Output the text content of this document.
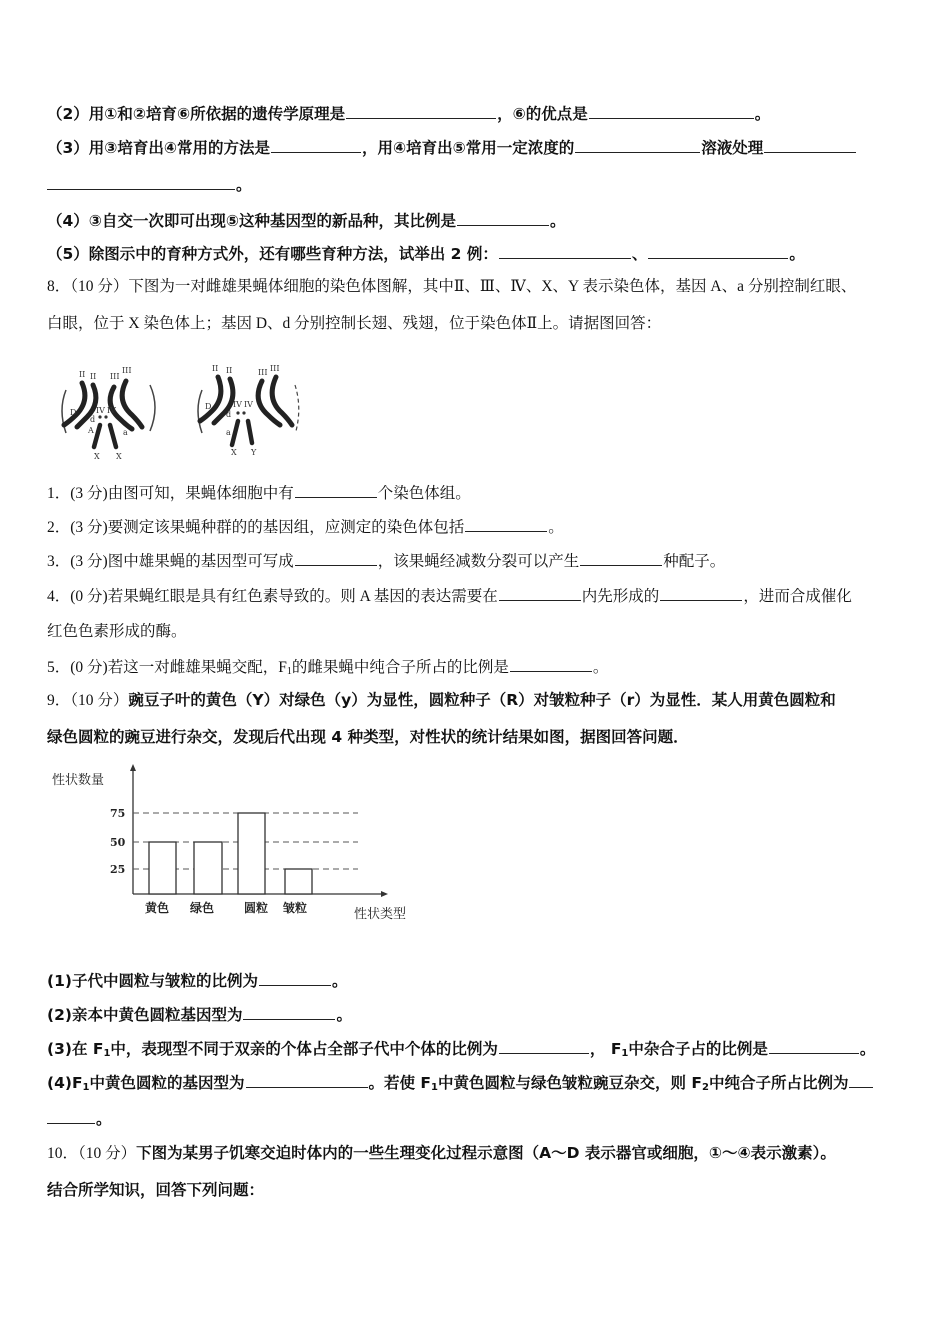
（2）用①和②培育⑥所依据的遗传学原理是	，⑥的优点是	。
（3）用③培育出④常用的方法是	，用④培育出⑤常用一定浓度的	溶液处理
。
（4）③自交一次即可出现⑤这种基因型的新品种，其比例是	。
（5）除图示中的育种方式外，还有哪些育种方法，试举出 2 例：	、	。
8．（10 分）下图为一对雌雄果蝇体细胞的染色体图解，其中Ⅱ、Ⅲ、Ⅳ、X、Y 表示染色体，基因 A、a 分别控制红眼、
白眼，位于 X 染色体上；基因 D、d 分别控制长翅、残翅，位于染色体Ⅱ上。请据图回答：
II II III
III
D
d
IV IV
A	a
X X
II II	III III
D
d
IV IV
a
X Y
1．(3 分)由图可知，果蝇体细胞中有	个染色体组。
2．(3 分)要测定该果蝇种群的的基因组，应测定的染色体包括	。
3．(3 分)图中雄果蝇的基因型可写成	，该果蝇经减数分裂可以产生	种配子。
4．(0 分)若果蝇红眼是具有红色素导致的。则 A 基因的表达需要在	内先形成的	，进而合成催化
红色色素形成的酶。
5．(0 分)若这一对雌雄果蝇交配，$F_1$的雌果蝇中纯合子所占的比例是	。
9．（10 分）豌豆子叶的黄色（Y）对绿色（y）为显性，圆粒种子（R）对皱粒种子（r）为显性．某人用黄色圆粒和
绿色圆粒的豌豆进行杂交，发现后代出现 4 种类型，对性状的统计结果如图，据图回答问题．
75
50
25
性状数量
黄色 绿色 圆粒 皱粒	性状类型
(1)子代中圆粒与皱粒的比例为	。
(2)亲本中黄色圆粒基因型为	。
(3)在 $F_1$中，表现型不同于双亲的个体占全部子代中个体的比例为	， $F_1$中杂合子占的比例是	。
$(4)F_1$中黄色圆粒的基因型为	。若使 $F_1$中黄色圆粒与绿色皱粒豌豆杂交，则 $F_2$中纯合子所占比例为
。
10．（10 分）下图为某男子饥寒交迫时体内的一些生理变化过程示意图（A～D 表示器官或细胞，①～④表示激素）。
结合所学知识，回答下列问题：
